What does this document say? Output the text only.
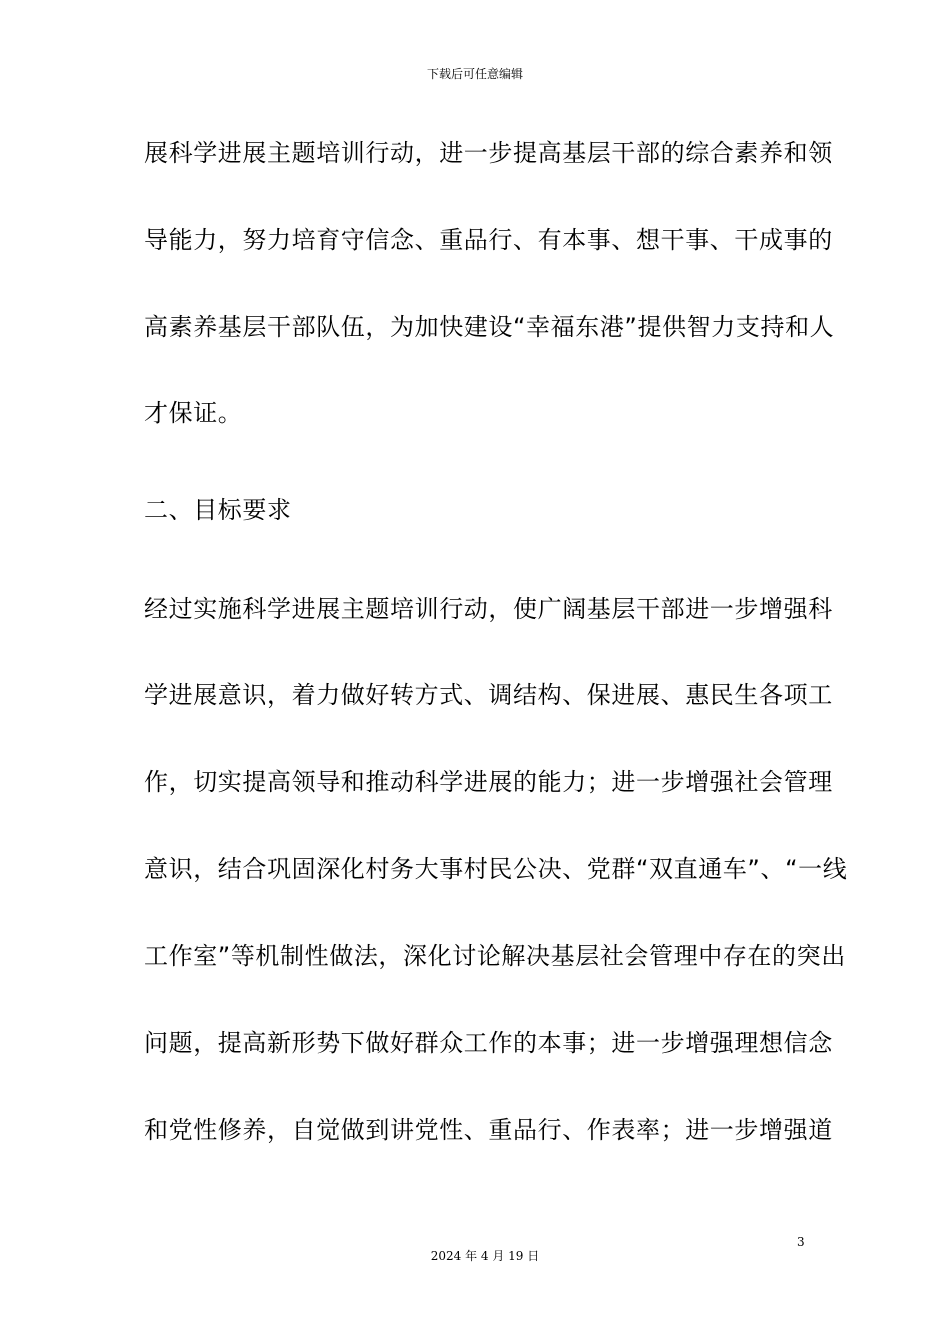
下载后可任意编辑
展科学进展主题培训行动，进一步提高基层干部的综合素养和领
导能力，努力培育守信念、重品行、有本事、想干事、干成事的
高素养基层干部队伍，为加快建设“幸福东港”提供智力支持和人
才保证。
二、目标要求
经过实施科学进展主题培训行动，使广阔基层干部进一步增强科
学进展意识，着力做好转方式、调结构、保进展、惠民生各项工
作，切实提高领导和推动科学进展的能力；进一步增强社会管理
意识，结合巩固深化村务大事村民公决、党群“双直通车”、“一线
工作室”等机制性做法，深化讨论解决基层社会管理中存在的突出
问题，提高新形势下做好群众工作的本事；进一步增强理想信念
和党性修养，自觉做到讲党性、重品行、作表率；进一步增强道
3
2024 年 4 月 19 日
